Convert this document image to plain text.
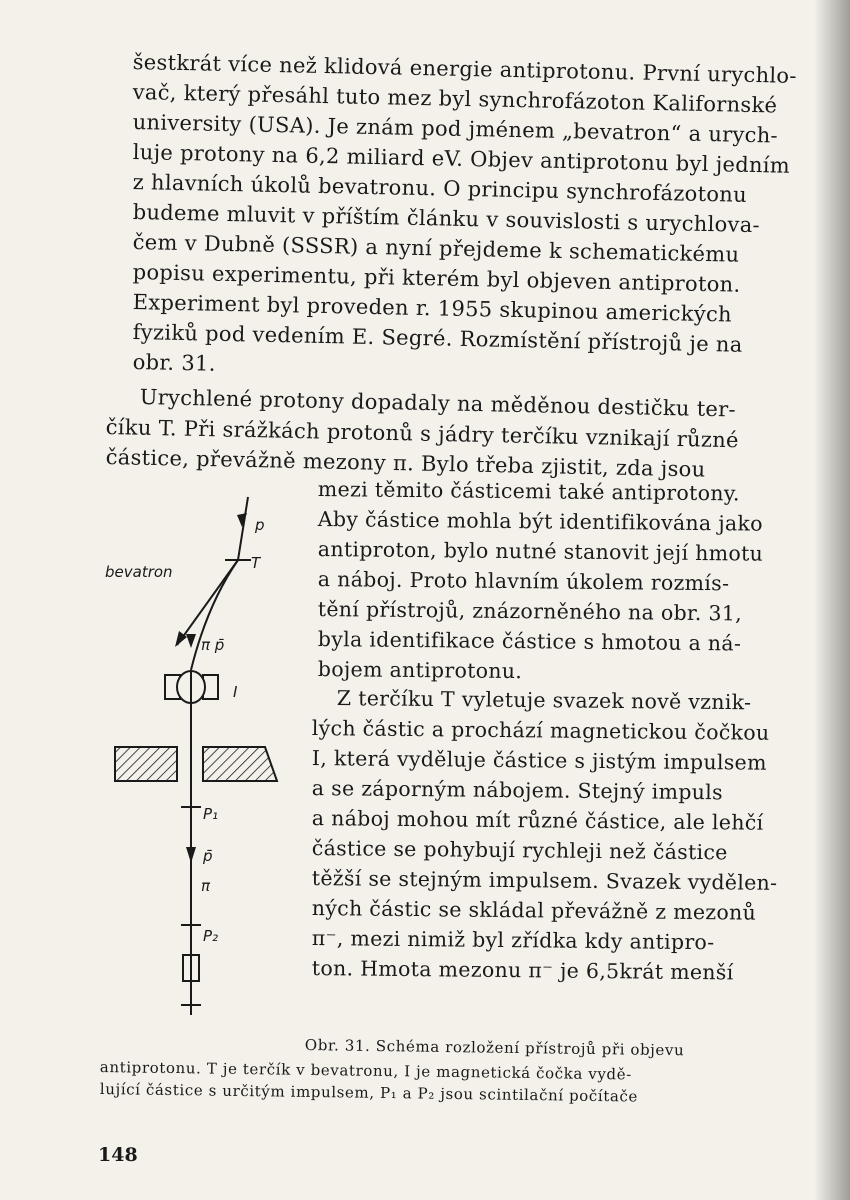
šestkrát více než klidová energie antiprotonu. První urychlo-
vač, který přesáhl tuto mez byl synchrofázoton Kalifornské
university (USA). Je znám pod jménem „bevatron“ a urych-
luje protony na 6,2 miliard eV. Objev antiprotonu byl jedním
z hlavních úkolů bevatronu. O principu synchrofázotonu
budeme mluvit v příštím článku v souvislosti s urychlova-
čem v Dubně (SSSR) a nyní přejdeme k schematickému
popisu experimentu, při kterém byl objeven antiproton.
Experiment byl proveden r. 1955 skupinou amerických
fyziků pod vedením E. Segré. Rozmístění přístrojů je na
obr. 31.
Urychlené protony dopadaly na měděnou destičku ter-
číku T. Při srážkách protonů s jádry terčíku vznikají různé
částice, převážně mezony π. Bylo třeba zjistit, zda jsou
mezi těmito částicemi také antiprotony.
Aby částice mohla být identifikována jako
antiproton, bylo nutné stanovit její hmotu
a náboj. Proto hlavním úkolem rozmís-
tění přístrojů, znázorněného na obr. 31,
byla identifikace částice s hmotou a ná-
bojem antiprotonu.
Z terčíku T vyletuje svazek nově vznik-
lých částic a prochází magnetickou čočkou
I, která vyděluje částice s jistým impulsem
a se záporným nábojem. Stejný impuls
a náboj mohou mít různé částice, ale lehčí
částice se pohybují rychleji než částice
těžší se stejným impulsem. Svazek vydělen-
ných částic se skládal převážně z mezonů
π⁻, mezi nimiž byl zřídka kdy antipro-
ton. Hmota mezonu π⁻ je 6,5krát menší
p
T
bevatron
π p̄
I
P₁
p̄
π
P₂
Obr. 31. Schéma rozložení přístrojů při objevu
antiprotonu. T je terčík v bevatronu, I je magnetická čočka vydě-
lující částice s určitým impulsem, P₁ a P₂ jsou scintilační počítače
148
